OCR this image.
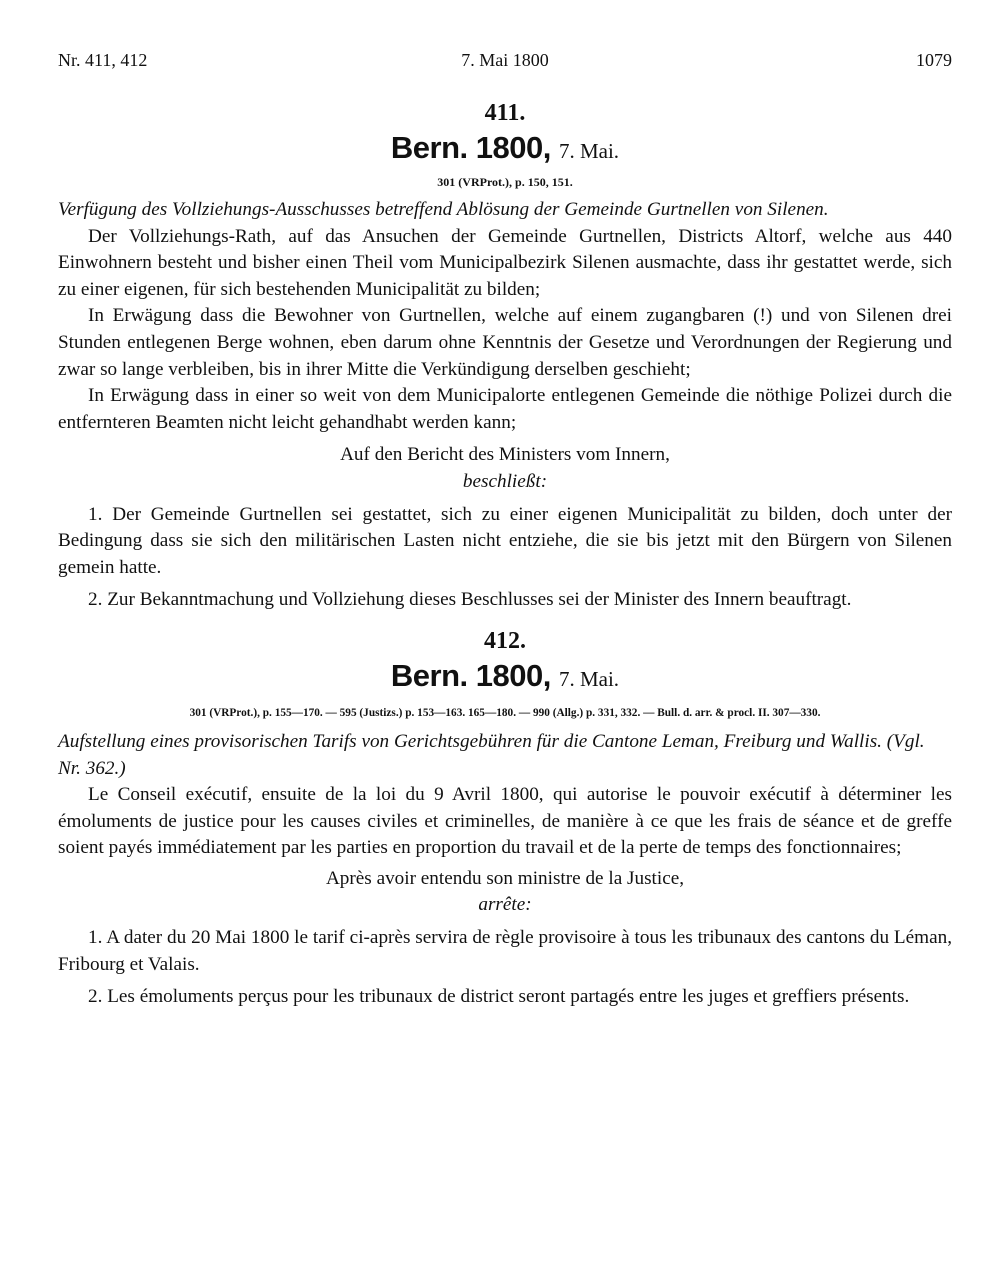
Nr. 411, 412	7. Mai 1800	1079
411.
Bern. 1800, 7. Mai.
301 (VRProt.), p. 150, 151.
Verfügung des Vollziehungs-Ausschusses betreffend Ablösung der Gemeinde Gurtnellen von Silenen.

Der Vollziehungs-Rath, auf das Ansuchen der Gemeinde Gurtnellen, Districts Altorf, welche aus 440 Einwohnern besteht und bisher einen Theil vom Municipalbezirk Silenen ausmachte, dass ihr gestattet werde, sich zu einer eigenen, für sich bestehenden Municipalität zu bilden;

In Erwägung dass die Bewohner von Gurtnellen, welche auf einem zugangbaren (!) und von Silenen drei Stunden entlegenen Berge wohnen, eben darum ohne Kenntnis der Gesetze und Verordnungen der Regierung und zwar so lange verbleiben, bis in ihrer Mitte die Verkündigung derselben geschieht;

In Erwägung dass in einer so weit von dem Municipalorte entlegenen Gemeinde die nöthige Polizei durch die entfernteren Beamten nicht leicht gehandhabt werden kann;

Auf den Bericht des Ministers vom Innern,
beschließt:

1. Der Gemeinde Gurtnellen sei gestattet, sich zu einer eigenen Municipalität zu bilden, doch unter der Bedingung dass sie sich den militärischen Lasten nicht entziehe, die sie bis jetzt mit den Bürgern von Silenen gemein hatte.

2. Zur Bekanntmachung und Vollziehung dieses Beschlusses sei der Minister des Innern beauftragt.

412.
Bern. 1800, 7. Mai.
301 (VRProt.), p. 155—170. — 595 (Justizs.) p. 153—163. 165—180. — 990 (Allg.) p. 331, 332. — Bull. d. arr. & procl. II. 307—330.
Aufstellung eines provisorischen Tarifs von Gerichtsgebühren für die Cantone Leman, Freiburg und Wallis. (Vgl. Nr. 362.)

Le Conseil exécutif, ensuite de la loi du 9 Avril 1800, qui autorise le pouvoir exécutif à déterminer les émoluments de justice pour les causes civiles et criminelles, de manière à ce que les frais de séance et de greffe soient payés immédiatement par les parties en proportion du travail et de la perte de temps des fonctionnaires;

Après avoir entendu son ministre de la Justice,
arrête:

1. A dater du 20 Mai 1800 le tarif ci-après servira de règle provisoire à tous les tribunaux des cantons du Léman, Fribourg et Valais.

2. Les émoluments perçus pour les tribunaux de district seront partagés entre les juges et greffiers présents.
